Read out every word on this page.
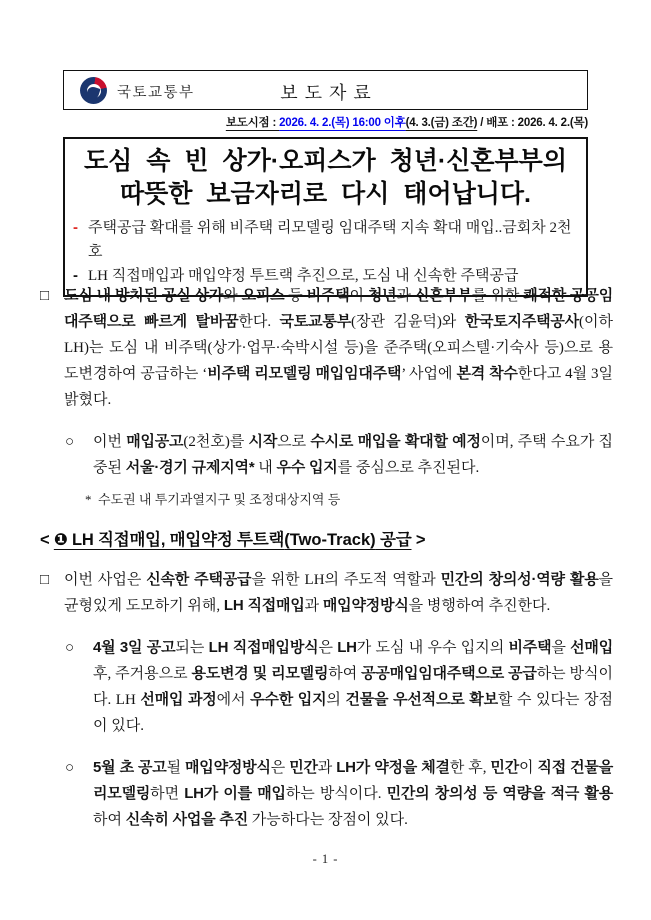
국토교통부	보도자료
보도시점 : 2026. 4. 2.(목) 16:00 이후(4. 3.(금) 조간) / 배포 : 2026. 4. 2.(목)
도심 속 빈 상가·오피스가 청년·신혼부부의
따뜻한 보금자리로 다시 태어납니다.
- 주택공급 확대를 위해 비주택 리모델링 임대주택 지속 확대 매입..금회차 2천호
- LH 직접매입과 매입약정 투트랙 추진으로, 도심 내 신속한 주택공급
□ 도심 내 방치된 공실 상가와 오피스 등 비주택이 청년과 신혼부부를 위한 쾌적한 공공임대주택으로 빠르게 탈바꿈한다. 국토교통부(장관 김윤덕)와 한국토지주택공사(이하 LH)는 도심 내 비주택(상가·업무·숙박시설 등)을 준주택(오피스텔·기숙사 등)으로 용도변경하여 공급하는 ‘비주택 리모델링 매입임대주택’ 사업에 본격 착수한다고 4월 3일 밝혔다.
○	이번 매입공고(2천호)를 시작으로 수시로 매입을 확대할 예정이며, 주택 수요가 집중된 서울·경기 규제지역* 내 우수 입지를 중심으로 추진된다.
* 수도권 내 투기과열지구 및 조정대상지역 등
< ❶ LH 직접매입, 매입약정 투트랙(Two-Track) 공급 >
□ 이번 사업은 신속한 주택공급을 위한 LH의 주도적 역할과 민간의 창의성·역량 활용을 균형있게 도모하기 위해, LH 직접매입과 매입약정방식을 병행하여 추진한다.
○	4월 3일 공고되는 LH 직접매입방식은 LH가 도심 내 우수 입지의 비주택을 선매입 후, 주거용으로 용도변경 및 리모델링하여 공공매입임대주택으로 공급하는 방식이다. LH 선매입 과정에서 우수한 입지의 건물을 우선적으로 확보할 수 있다는 장점이 있다.
○	5월 초 공고될 매입약정방식은 민간과 LH가 약정을 체결한 후, 민간이 직접 건물을 리모델링하면 LH가 이를 매입하는 방식이다. 민간의 창의성 등 역량을 적극 활용하여 신속히 사업을 추진 가능하다는 장점이 있다.
- 1 -
